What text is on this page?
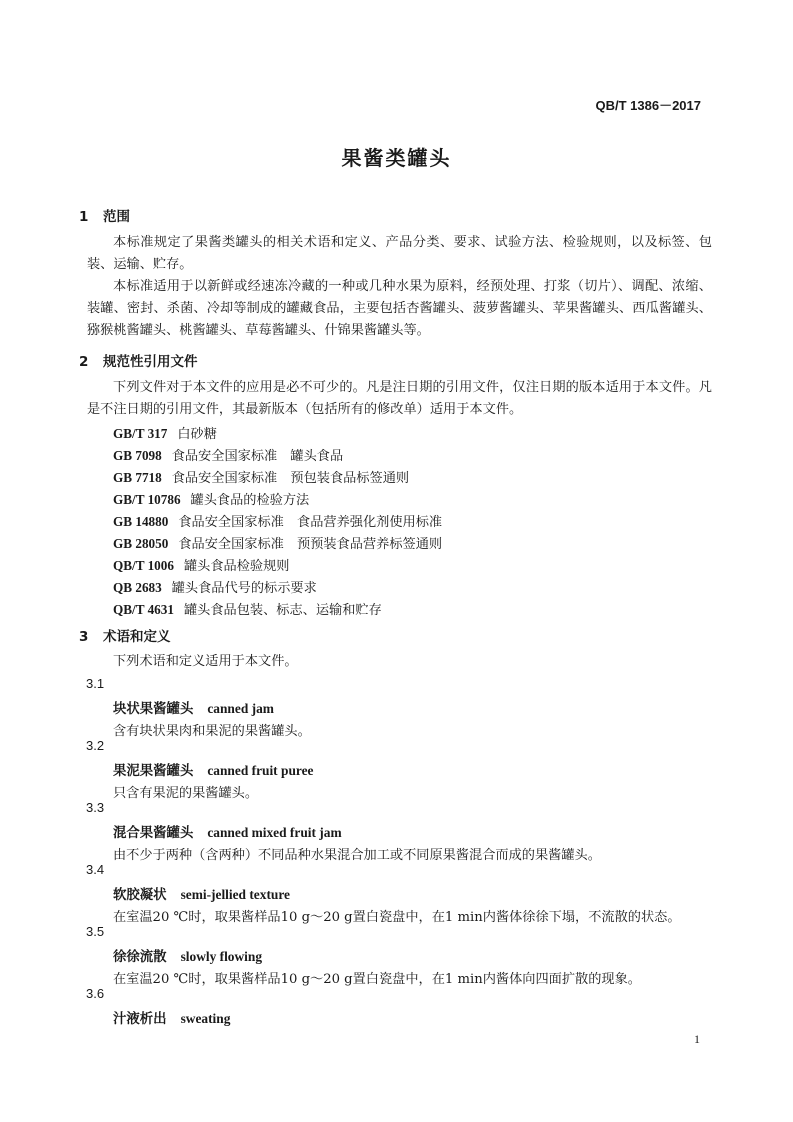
QB/T 1386－2017
果酱类罐头
1 范围
本标准规定了果酱类罐头的相关术语和定义、产品分类、要求、试验方法、检验规则，以及标签、包装、运输、贮存。
本标准适用于以新鲜或经速冻冷藏的一种或几种水果为原料，经预处理、打浆（切片）、调配、浓缩、装罐、密封、杀菌、冷却等制成的罐藏食品，主要包括杏酱罐头、菠萝酱罐头、苹果酱罐头、西瓜酱罐头、猕猴桃酱罐头、桃酱罐头、草莓酱罐头、什锦果酱罐头等。
2 规范性引用文件
下列文件对于本文件的应用是必不可少的。凡是注日期的引用文件，仅注日期的版本适用于本文件。凡是不注日期的引用文件，其最新版本（包括所有的修改单）适用于本文件。
GB/T 317 白砂糖
GB 7098 食品安全国家标准　罐头食品
GB 7718 食品安全国家标准　预包装食品标签通则
GB/T 10786 罐头食品的检验方法
GB 14880 食品安全国家标准　食品营养强化剂使用标准
GB 28050 食品安全国家标准　预预装食品营养标签通则
QB/T 1006 罐头食品检验规则
QB 2683 罐头食品代号的标示要求
QB/T 4631 罐头食品包装、标志、运输和贮存
3 术语和定义
下列术语和定义适用于本文件。
3.1
块状果酱罐头 canned jam
含有块状果肉和果泥的果酱罐头。
3.2
果泥果酱罐头 canned fruit puree
只含有果泥的果酱罐头。
3.3
混合果酱罐头 canned mixed fruit jam
由不少于两种（含两种）不同品种水果混合加工或不同原果酱混合而成的果酱罐头。
3.4
软胶凝状 semi-jellied texture
在室温20 ℃时，取果酱样品10 g～20 g置白瓷盘中，在1 min内酱体徐徐下塌，不流散的状态。
3.5
徐徐流散 slowly flowing
在室温20 ℃时，取果酱样品10 g～20 g置白瓷盘中，在1 min内酱体向四面扩散的现象。
3.6
汁液析出 sweating
1
